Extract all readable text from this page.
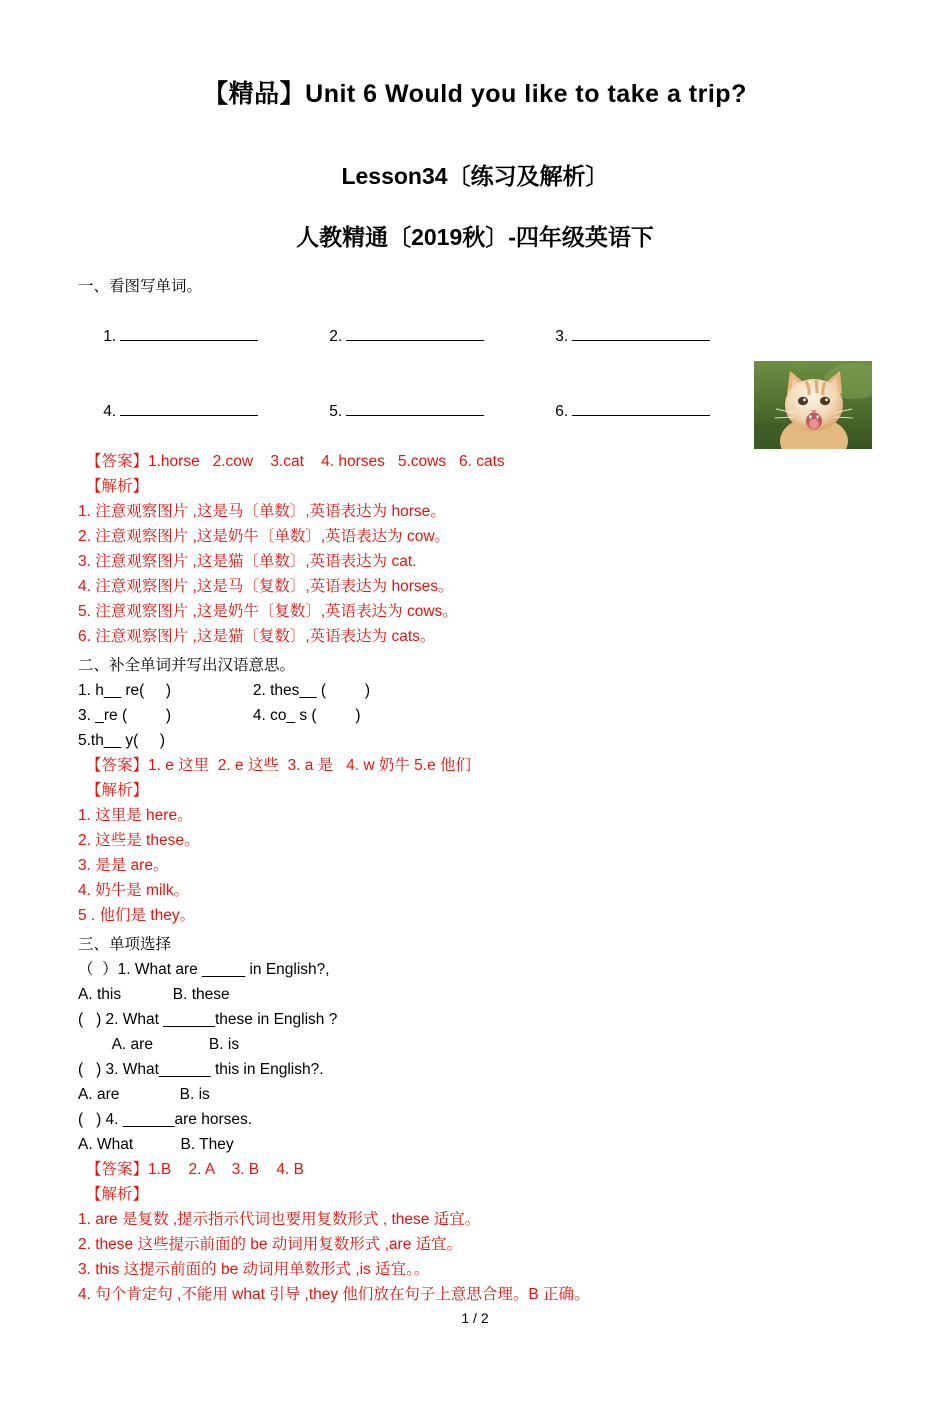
【精品】Unit 6 Would you like to take a trip?
Lesson34〔练习及解析〕
人教精通〔2019秋〕-四年级英语下
一、看图写单词。

1.	2.	3.

4.	5.	6.

【答案】1.horse   2.cow    3.cat    4. horses   5.cows   6. cats
【解析】
1. 注意观察图片 ,这是马〔单数〕,英语表达为 horse。
2. 注意观察图片 ,这是奶牛〔单数〕,英语表达为 cow。
3. 注意观察图片 ,这是猫〔单数〕,英语表达为 cat.
4. 注意观察图片 ,这是马〔复数〕,英语表达为 horses。
5. 注意观察图片 ,这是奶牛〔复数〕,英语表达为 cows。
6. 注意观察图片 ,这是猫〔复数〕,英语表达为 cats。
二、补全单词并写出汉语意思。
1. h__ re(     )                   2. thes__ (         )
3. _re (         )                   4. co_ s (         )
5.th__ y(     )
【答案】1. e 这里  2. e 这些  3. a 是   4. w 奶牛 5.e 他们
【解析】
1. 这里是 here。
2. 这些是 these。
3. 是是 are。
4. 奶牛是 milk。
5 . 他们是 they。
三、单项选择
（  ）1. What are _____ in English?,
A. this            B. these
(   ) 2. What ______these in English ?
A. are             B. is
(   ) 3. What______ this in English?.
A. are              B. is
(   ) 4. ______are horses.
A. What           B. They
【答案】1.B    2. A    3. B    4. B
【解析】
1. are 是复数 ,提示指示代词也要用复数形式 , these 适宜。
2. these 这些提示前面的 be 动词用复数形式 ,are 适宜。
3. this 这提示前面的 be 动词用单数形式 ,is 适宜。。
4. 句个肯定句 ,不能用 what 引导 ,they 他们放在句子上意思合理。B 正确。
1 / 2
